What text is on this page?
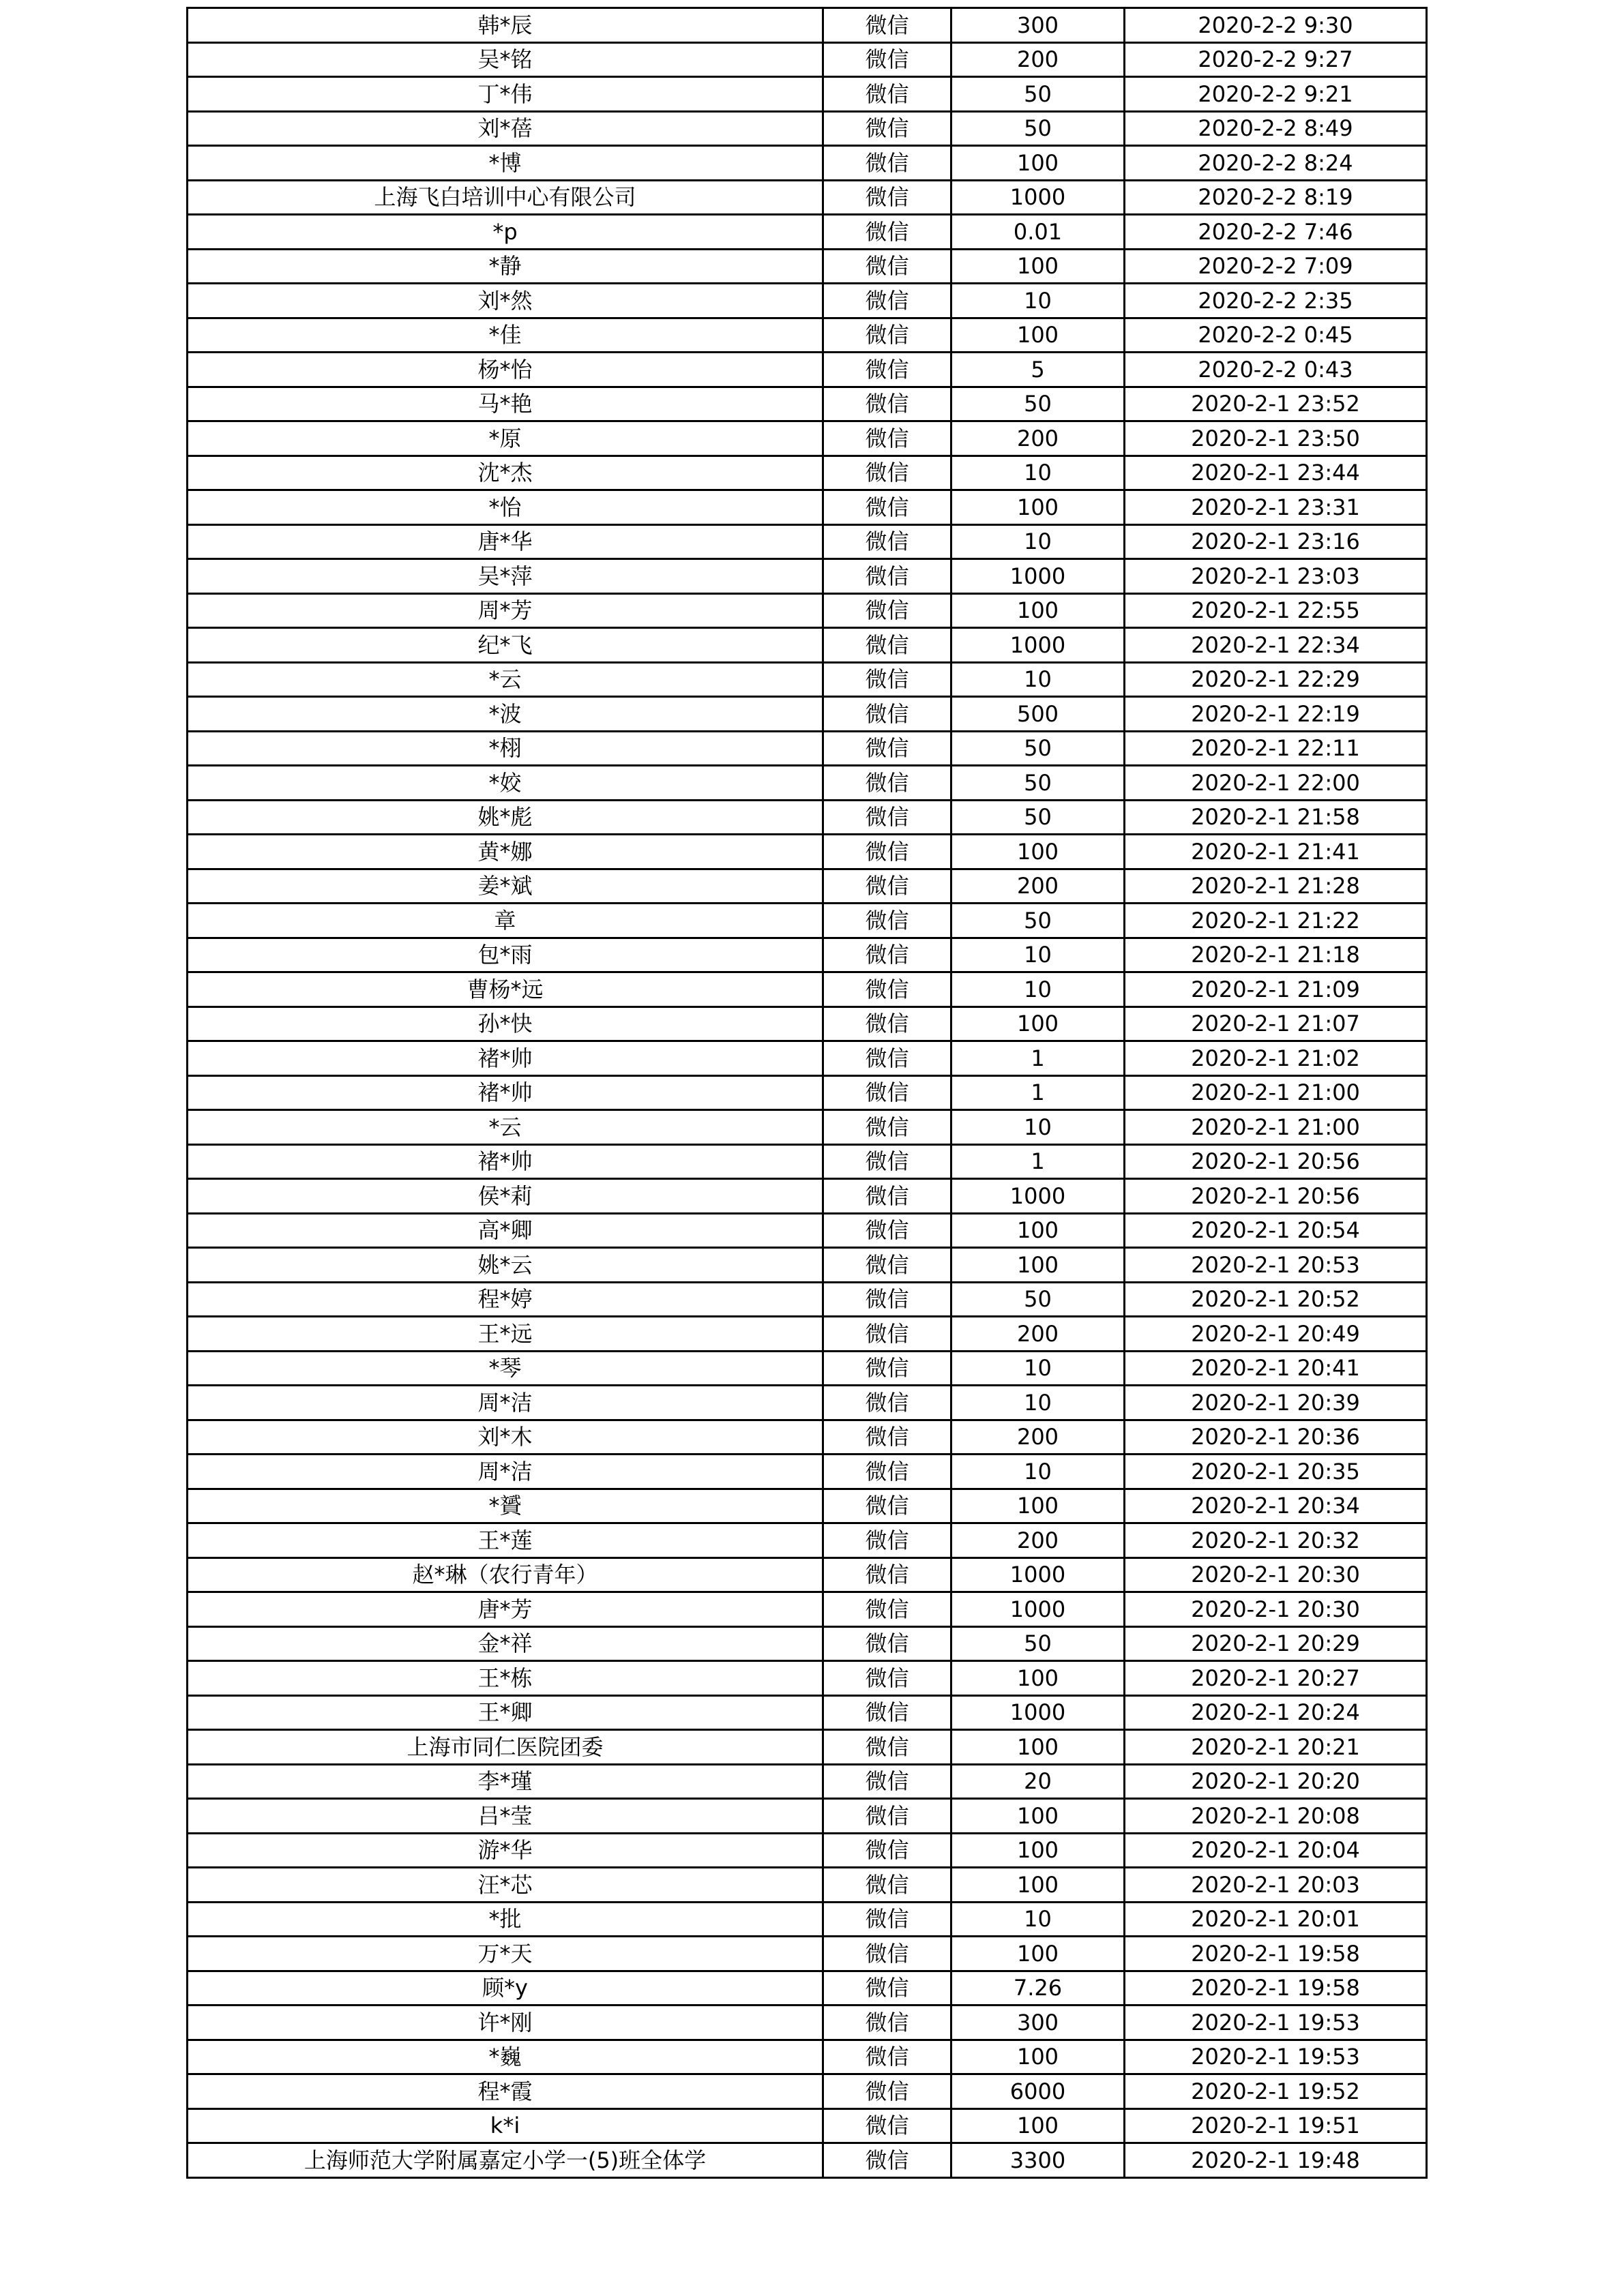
韩*辰	微信	300	2020-2-2 9:30
吴*铭	微信	200	2020-2-2 9:27
丁*伟	微信	50	2020-2-2 9:21
刘*蓓	微信	50	2020-2-2 8:49
*博	微信	100	2020-2-2 8:24
上海飞白培训中心有限公司	微信	1000	2020-2-2 8:19
*p	微信	0.01	2020-2-2 7:46
*静	微信	100	2020-2-2 7:09
刘*然	微信	10	2020-2-2 2:35
*佳	微信	100	2020-2-2 0:45
杨*怡	微信	5	2020-2-2 0:43
马*艳	微信	50	2020-2-1 23:52
*原	微信	200	2020-2-1 23:50
沈*杰	微信	10	2020-2-1 23:44
*怡	微信	100	2020-2-1 23:31
唐*华	微信	10	2020-2-1 23:16
吴*萍	微信	1000	2020-2-1 23:03
周*芳	微信	100	2020-2-1 22:55
纪*飞	微信	1000	2020-2-1 22:34
*云	微信	10	2020-2-1 22:29
*波	微信	500	2020-2-1 22:19
*栩	微信	50	2020-2-1 22:11
*姣	微信	50	2020-2-1 22:00
姚*彪	微信	50	2020-2-1 21:58
黄*娜	微信	100	2020-2-1 21:41
姜*斌	微信	200	2020-2-1 21:28
章	微信	50	2020-2-1 21:22
包*雨	微信	10	2020-2-1 21:18
曹杨*远	微信	10	2020-2-1 21:09
孙*快	微信	100	2020-2-1 21:07
褚*帅	微信	1	2020-2-1 21:02
褚*帅	微信	1	2020-2-1 21:00
*云	微信	10	2020-2-1 21:00
褚*帅	微信	1	2020-2-1 20:56
侯*莉	微信	1000	2020-2-1 20:56
高*卿	微信	100	2020-2-1 20:54
姚*云	微信	100	2020-2-1 20:53
程*婷	微信	50	2020-2-1 20:52
王*远	微信	200	2020-2-1 20:49
*琴	微信	10	2020-2-1 20:41
周*洁	微信	10	2020-2-1 20:39
刘*木	微信	200	2020-2-1 20:36
周*洁	微信	10	2020-2-1 20:35
*贇	微信	100	2020-2-1 20:34
王*莲	微信	200	2020-2-1 20:32
赵*琳（农行青年）	微信	1000	2020-2-1 20:30
唐*芳	微信	1000	2020-2-1 20:30
金*祥	微信	50	2020-2-1 20:29
王*栋	微信	100	2020-2-1 20:27
王*卿	微信	1000	2020-2-1 20:24
上海市同仁医院团委	微信	100	2020-2-1 20:21
李*瑾	微信	20	2020-2-1 20:20
吕*莹	微信	100	2020-2-1 20:08
游*华	微信	100	2020-2-1 20:04
汪*芯	微信	100	2020-2-1 20:03
*批	微信	10	2020-2-1 20:01
万*天	微信	100	2020-2-1 19:58
顾*y	微信	7.26	2020-2-1 19:58
许*刚	微信	300	2020-2-1 19:53
*巍	微信	100	2020-2-1 19:53
程*霞	微信	6000	2020-2-1 19:52
k*i	微信	100	2020-2-1 19:51
上海师范大学附属嘉定小学一(5)班全体学	微信	3300	2020-2-1 19:48
